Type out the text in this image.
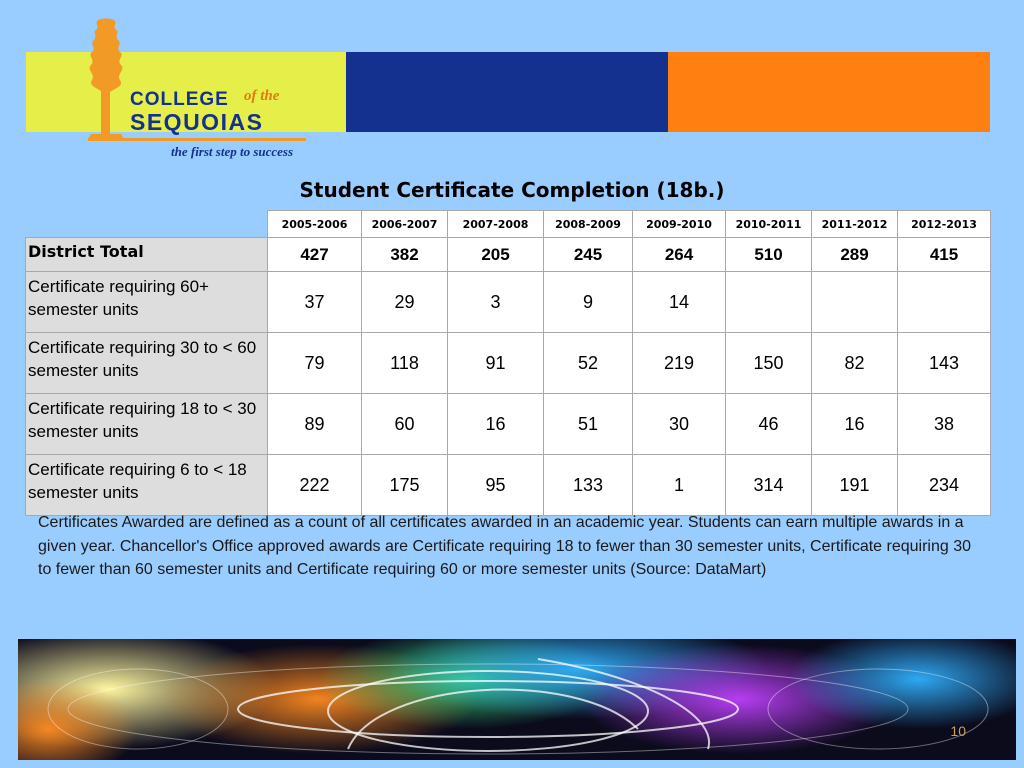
COLLEGE of the
SEQUOIAS
the first step to success
Student Certificate Completion (18b.)
	2005-2006	2006-2007	2007-2008	2008-2009	2009-2010	2010-2011	2011-2012	2012-2013
District Total	427	382	205	245	264	510	289	415
Certificate requiring 60+ semester units	37	29	3	9	14			
Certificate requiring 30 to < 60 semester units	79	118	91	52	219	150	82	143
Certificate requiring 18 to < 30 semester units	89	60	16	51	30	46	16	38
Certificate requiring 6 to < 18 semester units	222	175	95	133	1	314	191	234
Certificates Awarded are defined as a count of all certificates awarded in an academic year. Students can earn multiple awards in a given year. Chancellor's Office approved awards are Certificate requiring 18 to fewer than 30 semester units, Certificate requiring 30 to fewer than 60 semester units and Certificate requiring 60 or more semester units (Source: DataMart)
10
